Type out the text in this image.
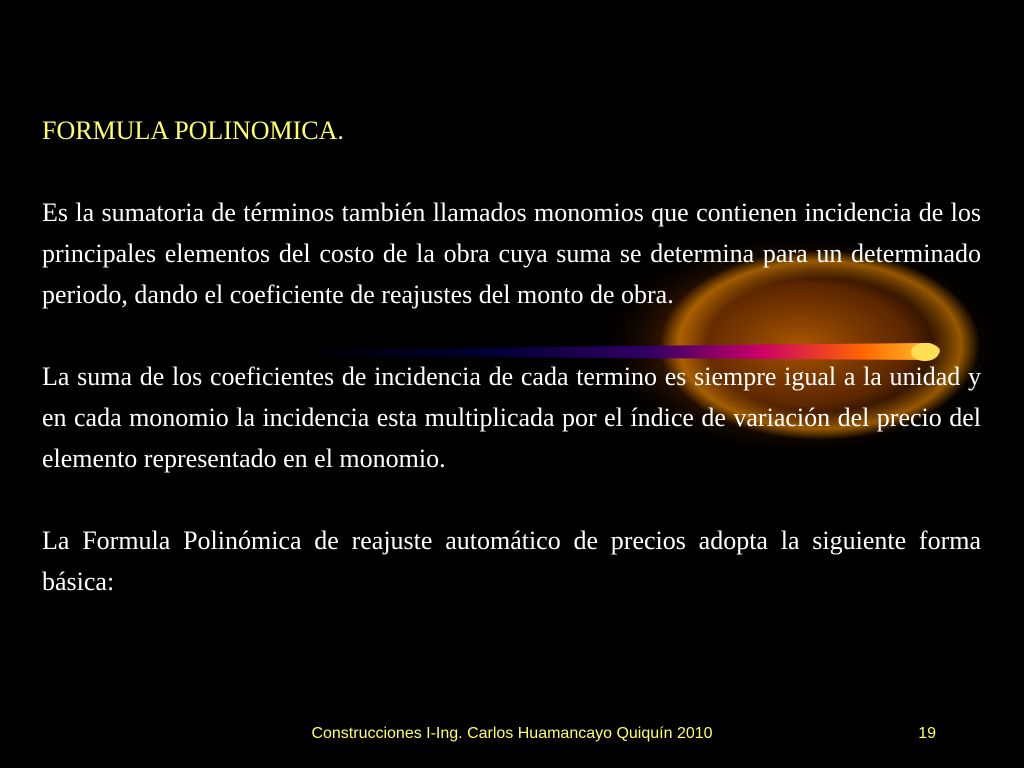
FORMULA POLINOMICA.

Es la sumatoria de términos también llamados monomios que contienen incidencia de los principales elementos del costo de la obra cuya suma se determina para un determinado periodo, dando el coeficiente de reajustes del monto de obra.

La suma de los coeficientes de incidencia de cada termino es siempre igual a la unidad y en cada monomio la incidencia esta multiplicada por el índice de variación del precio del elemento representado en el monomio.

La Formula Polinómica de reajuste automático de precios adopta la siguiente forma básica:

Construcciones I-Ing. Carlos Huamancayo Quiquín 2010	19
